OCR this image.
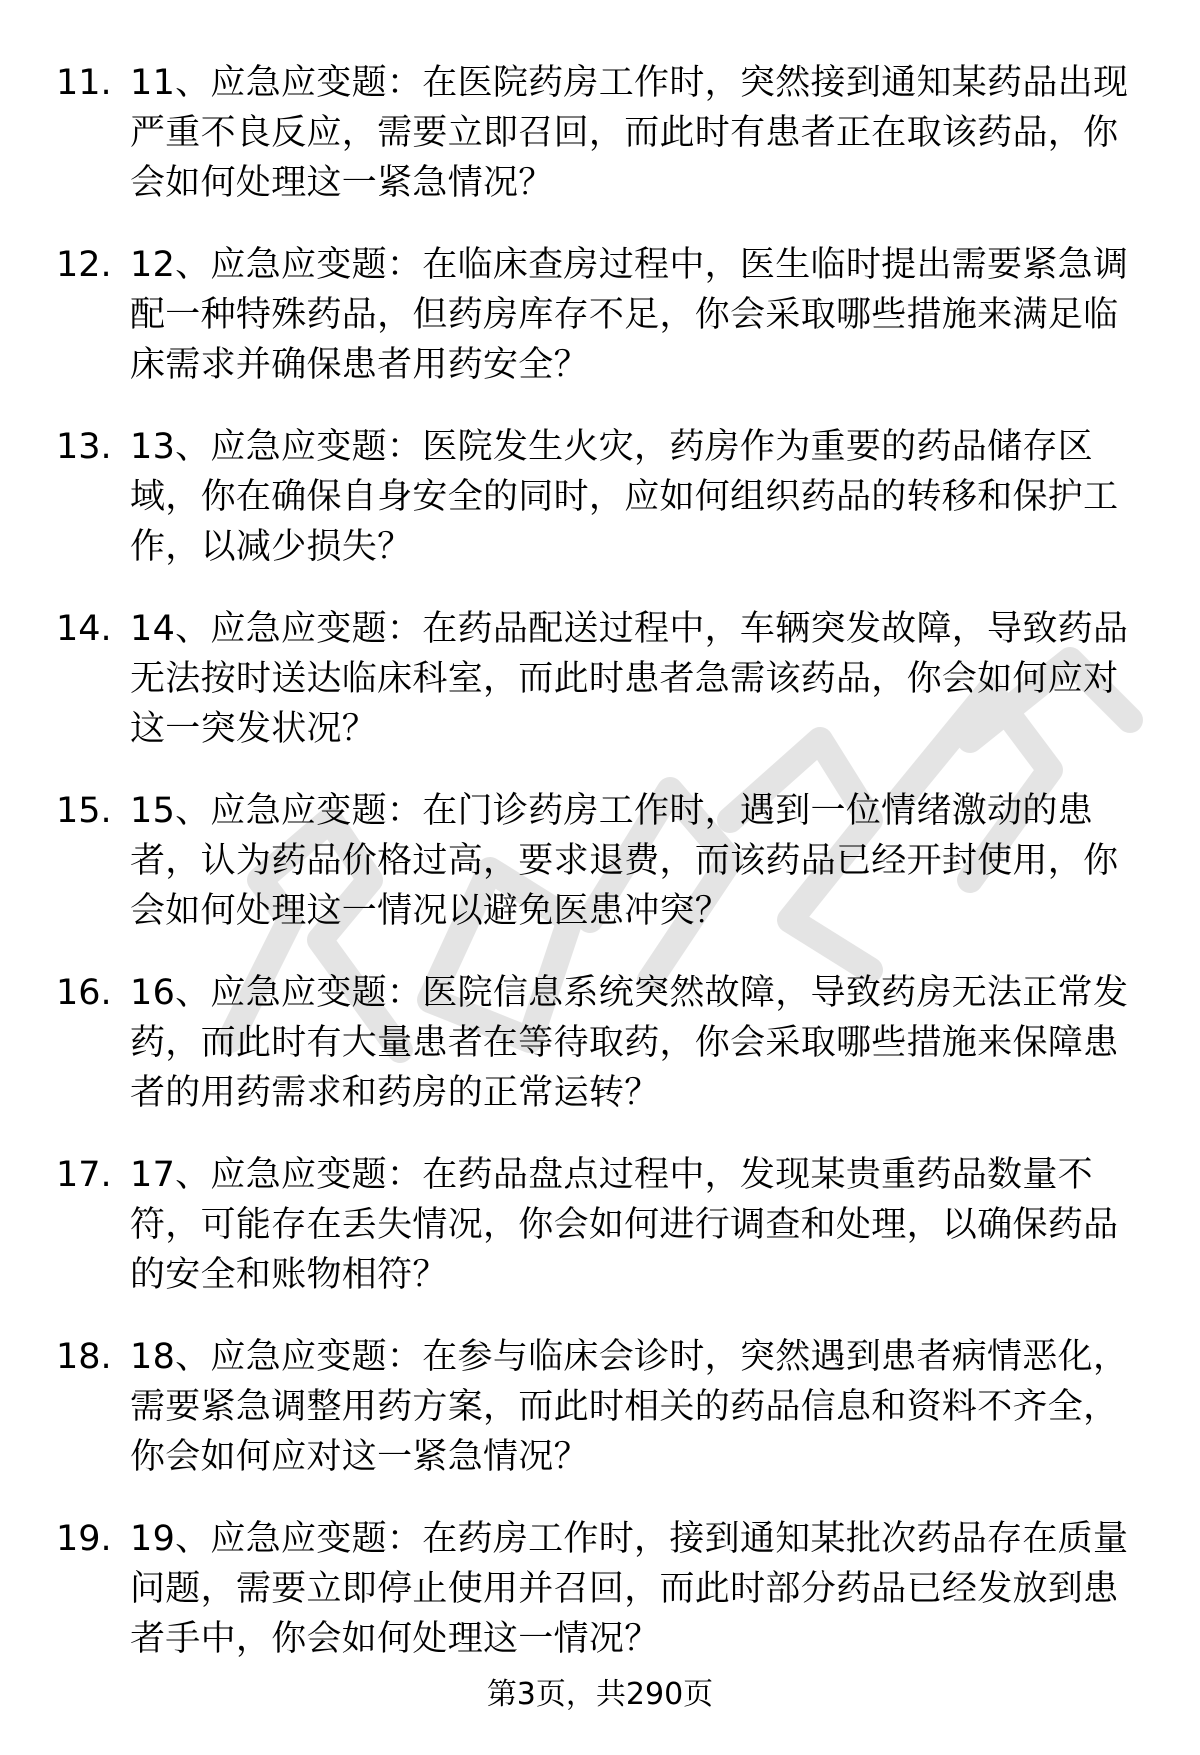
11. 11、应急应变题：在医院药房工作时，突然接到通知某药品出现
严重不良反应，需要立即召回，而此时有患者正在取该药品，你
会如何处理这一紧急情况？
12. 12、应急应变题：在临床查房过程中，医生临时提出需要紧急调
配一种特殊药品，但药房库存不足，你会采取哪些措施来满足临
床需求并确保患者用药安全？
13. 13、应急应变题：医院发生火灾，药房作为重要的药品储存区
域，你在确保自身安全的同时，应如何组织药品的转移和保护工
作，以减少损失？
14. 14、应急应变题：在药品配送过程中，车辆突发故障，导致药品
无法按时送达临床科室，而此时患者急需该药品，你会如何应对
这一突发状况？
15. 15、应急应变题：在门诊药房工作时，遇到一位情绪激动的患
者，认为药品价格过高，要求退费，而该药品已经开封使用，你
会如何处理这一情况以避免医患冲突？
16. 16、应急应变题：医院信息系统突然故障，导致药房无法正常发
药，而此时有大量患者在等待取药，你会采取哪些措施来保障患
者的用药需求和药房的正常运转？
17. 17、应急应变题：在药品盘点过程中，发现某贵重药品数量不
符，可能存在丢失情况，你会如何进行调查和处理，以确保药品
的安全和账物相符？
18. 18、应急应变题：在参与临床会诊时，突然遇到患者病情恶化，
需要紧急调整用药方案，而此时相关的药品信息和资料不齐全，
你会如何应对这一紧急情况？
19. 19、应急应变题：在药房工作时，接到通知某批次药品存在质量
问题，需要立即停止使用并召回，而此时部分药品已经发放到患
者手中，你会如何处理这一情况？
第3页，共290页
